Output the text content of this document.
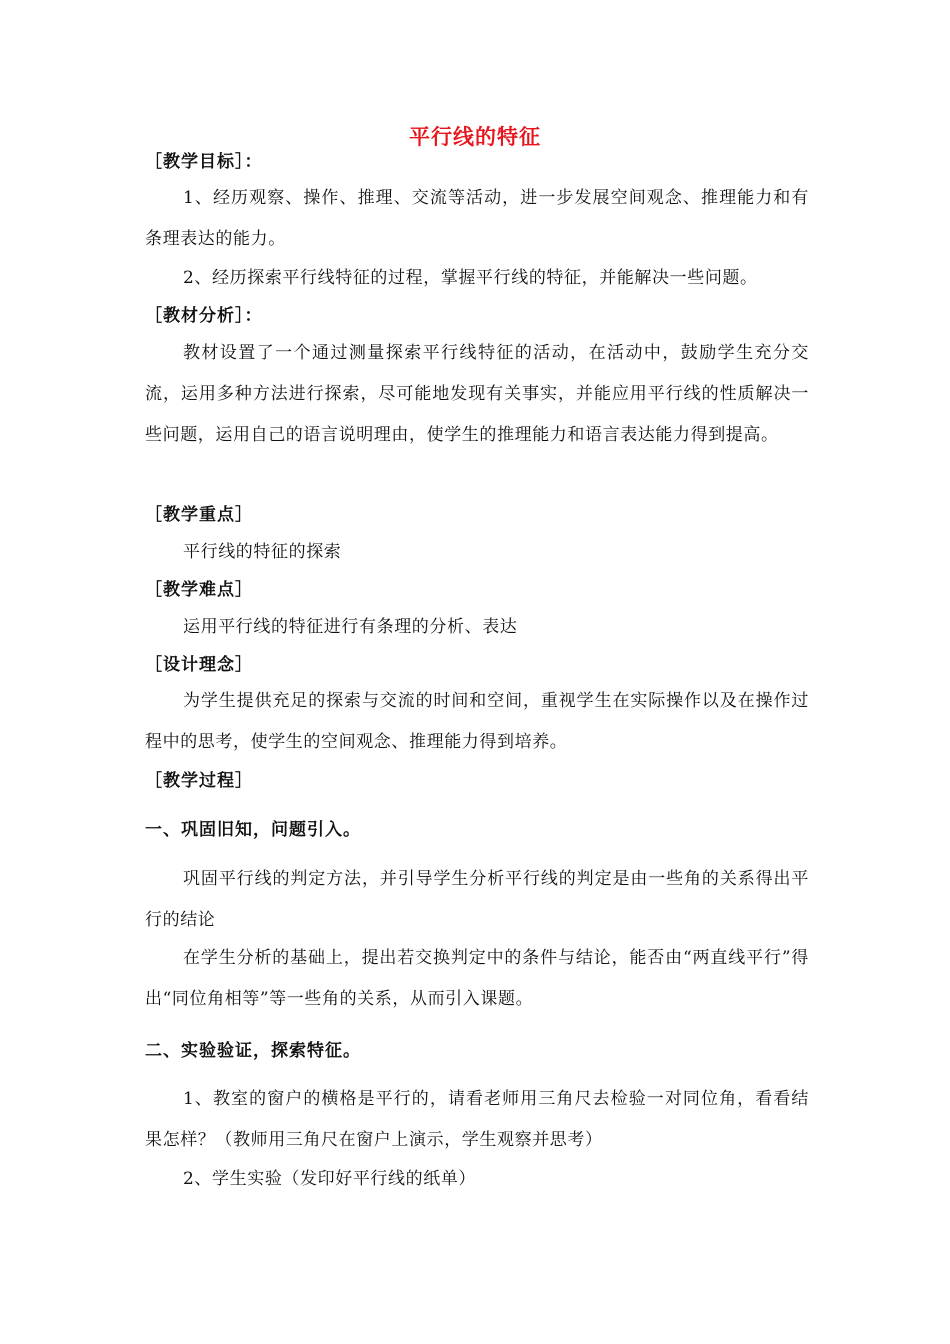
平行线的特征
［教学目标］：
1、经历观察、操作、推理、交流等活动，进一步发展空间观念、推理能力和有条理表达的能力。
2、经历探索平行线特征的过程，掌握平行线的特征，并能解决一些问题。
［教材分析］：
教材设置了一个通过测量探索平行线特征的活动，在活动中，鼓励学生充分交流，运用多种方法进行探索，尽可能地发现有关事实，并能应用平行线的性质解决一些问题，运用自己的语言说明理由，使学生的推理能力和语言表达能力得到提高。
［教学重点］
平行线的特征的探索
［教学难点］
运用平行线的特征进行有条理的分析、表达
［设计理念］
为学生提供充足的探索与交流的时间和空间，重视学生在实际操作以及在操作过程中的思考，使学生的空间观念、推理能力得到培养。
［教学过程］
一、巩固旧知，问题引入。
巩固平行线的判定方法，并引导学生分析平行线的判定是由一些角的关系得出平行的结论
在学生分析的基础上，提出若交换判定中的条件与结论，能否由“两直线平行”得出“同位角相等”等一些角的关系，从而引入课题。
二、实验验证，探索特征。
1、教室的窗户的横格是平行的，请看老师用三角尺去检验一对同位角，看看结果怎样？（教师用三角尺在窗户上演示，学生观察并思考）
2、学生实验（发印好平行线的纸单）
